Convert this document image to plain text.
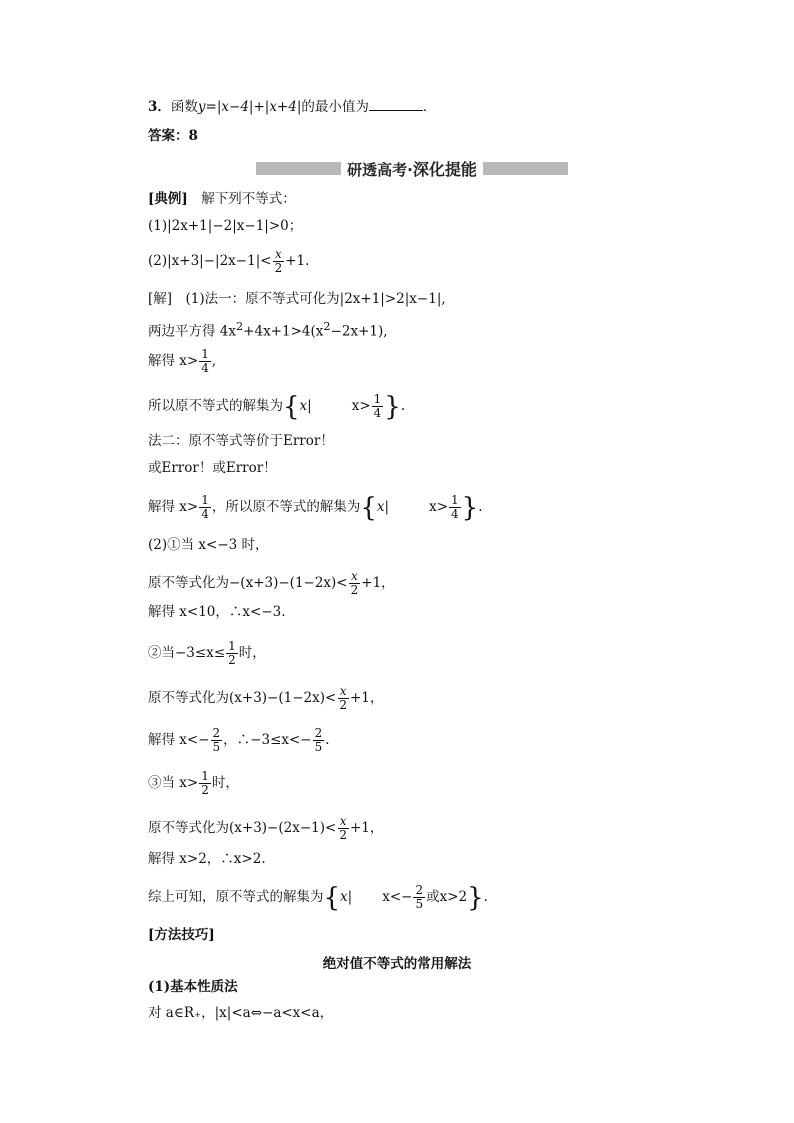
3．函数y=|x−4|+|x+4|的最小值为	．
答案：8
研透高考·深化提能
[典例]　 解下列不等式：
(1)|2x+1|−2|x−1|>0；
$(2)|x+3|-|2x-1|< \frac{x}{2} +1$.
[解]　(1)法一：原不等式可化为|2x+1|>2|x−1|,
两边平方得 $4x^2+4x+1>4(x^2-2x+1)$,
解得 $x> \frac{1}{4}$ ,
所以原不等式的解集为{x|	$x> \frac{1}{4}$ }.
法二：原不等式等价于Error！
或Error！或Error！
解得 $x> \frac{1}{4}$ ，所以原不等式的解集为{x|	$x> \frac{1}{4}$ }.
(2)①当 x<−3 时，
原不等式化为$-(x+3)-(1-2x)< \frac{x}{2} +1$，
解得 x<10，∴x<−3.
②当$-3\le x\le \frac{1}{2}$ 时，
原不等式化为$(x+3)-(1-2x)< \frac{x}{2} +1$，
解得 $x<- \frac{2}{5}$ ，∴−3≤x<− $\frac{2}{5}$ .
③当 $x> \frac{1}{2}$ 时，
原不等式化为$(x+3)-(2x-1)< \frac{x}{2} +1$，
解得 x>2，∴x>2.
综上可知，原不等式的解集为{x| $x<- \frac{2}{5}$ 或x>2}.
[方法技巧]
绝对值不等式的常用解法
(1)基本性质法
对 a∈R₊，|x|<a⇔−a<x<a，
